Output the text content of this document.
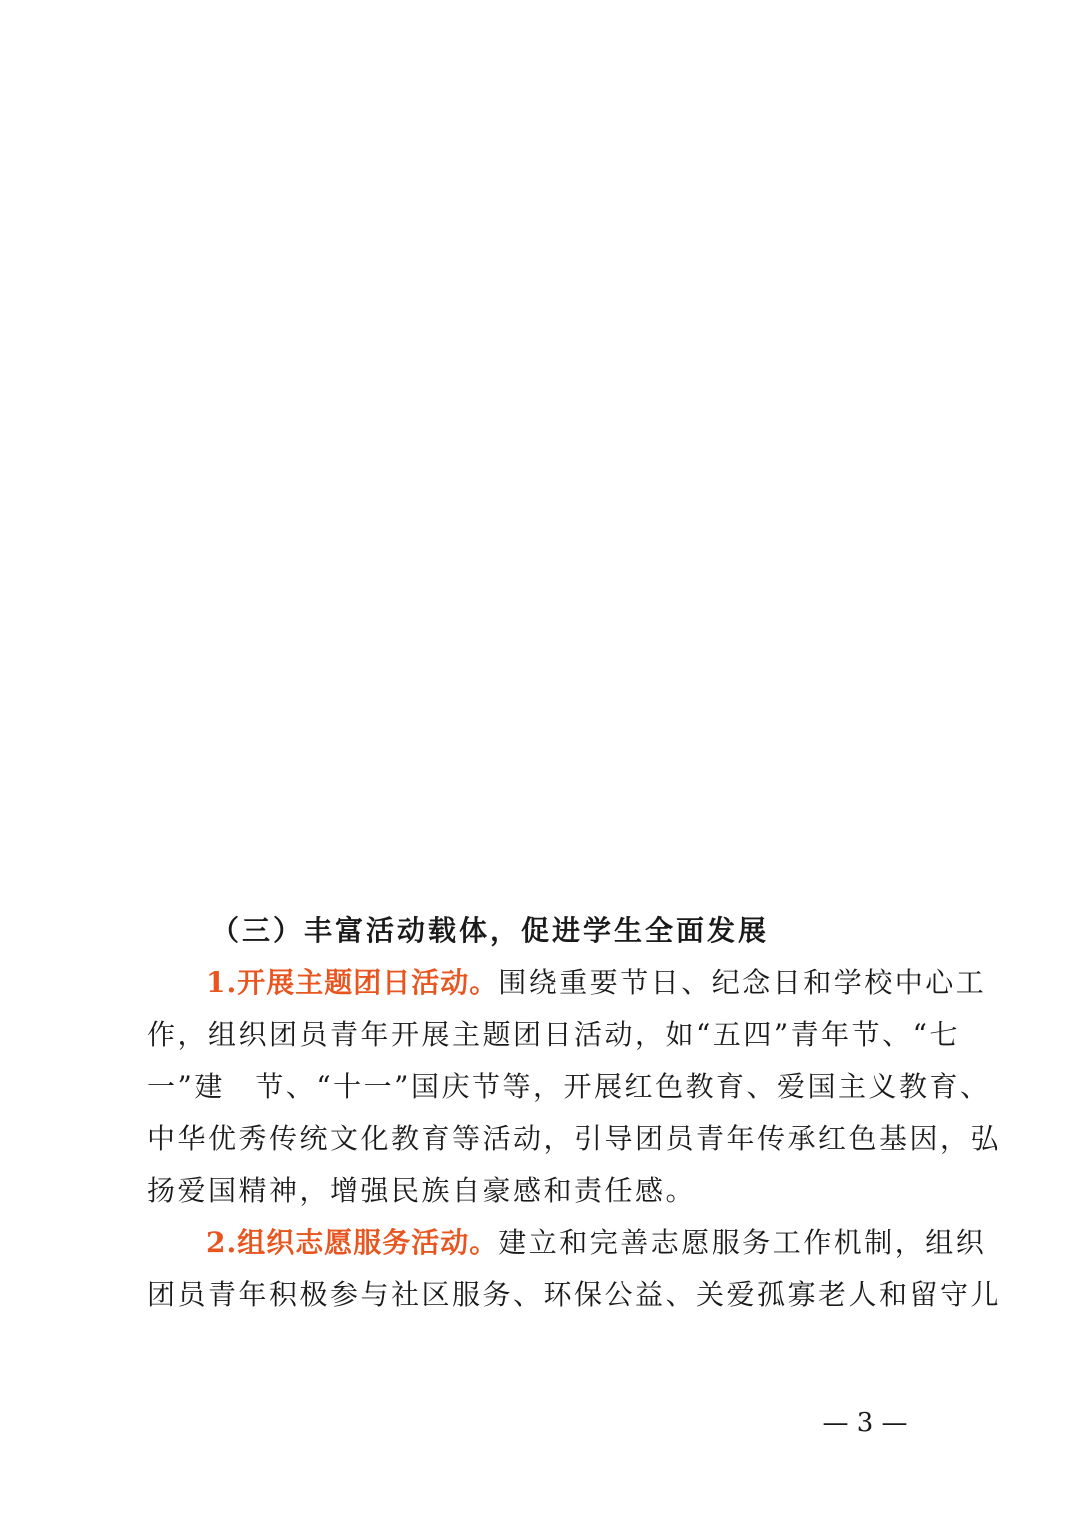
（三）丰富活动载体，促进学生全面发展
1.开展主题团日活动。围绕重要节日、纪念日和学校中心工
作，组织团员青年开展主题团日活动，如“五四”青年节、“七
一”建　节、“十一”国庆节等，开展红色教育、爱国主义教育、
中华优秀传统文化教育等活动，引导团员青年传承红色基因，弘
扬爱国精神，增强民族自豪感和责任感。
2.组织志愿服务活动。建立和完善志愿服务工作机制，组织
团员青年积极参与社区服务、环保公益、关爱孤寡老人和留守儿
— 3 —
